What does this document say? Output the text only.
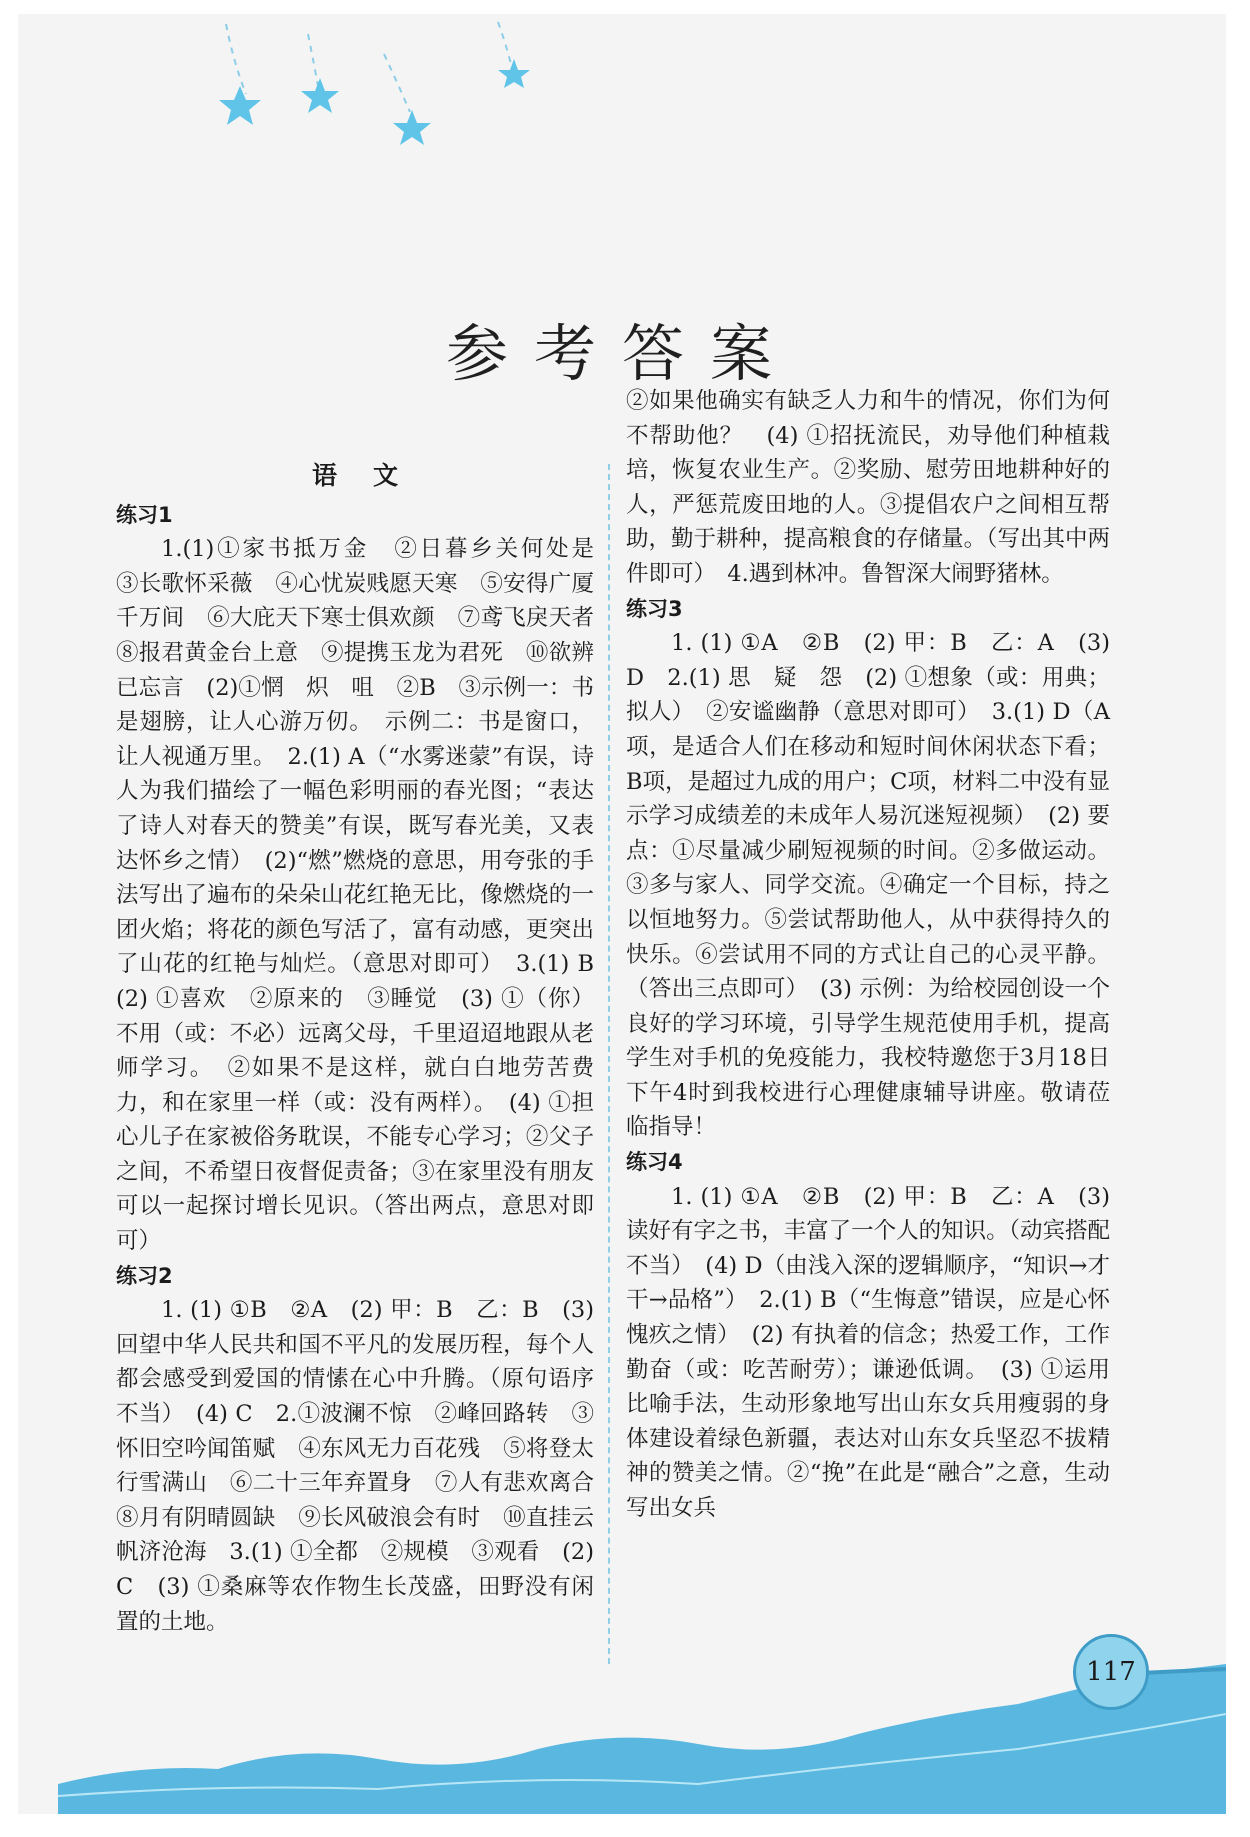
参考答案
语文

练习1

1.(1)①家书抵万金　②日暮乡关何处是　③长歌怀采薇　④心忧炭贱愿天寒　⑤安得广厦千万间　⑥大庇天下寒士俱欢颜　⑦鸢飞戾天者　⑧报君黄金台上意　⑨提携玉龙为君死　⑩欲辨已忘言　(2)①惘　炽　咀　②B　③示例一：书是翅膀，让人心游万仞。　示例二：书是窗口，让人视通万里。　2.(1) A（“水雾迷蒙”有误，诗人为我们描绘了一幅色彩明丽的春光图；“表达了诗人对春天的赞美”有误，既写春光美，又表达怀乡之情）　(2)“燃”燃烧的意思，用夸张的手法写出了遍布的朵朵山花红艳无比，像燃烧的一团火焰；将花的颜色写活了，富有动感，更突出了山花的红艳与灿烂。（意思对即可）　3.(1) B　(2) ①喜欢　②原来的　③睡觉　(3) ①（你）不用（或：不必）远离父母，千里迢迢地跟从老师学习。　②如果不是这样，就白白地劳苦费力，和在家里一样（或：没有两样）。　(4) ①担心儿子在家被俗务耽误，不能专心学习；②父子之间，不希望日夜督促责备；③在家里没有朋友可以一起探讨增长见识。（答出两点，意思对即可）

练习2

1. (1) ①B　②A　(2) 甲：B　乙：B　(3) 回望中华人民共和国不平凡的发展历程，每个人都会感受到爱国的情愫在心中升腾。（原句语序不当）　(4) C　2.①波澜不惊　②峰回路转　③怀旧空吟闻笛赋　④东风无力百花残　⑤将登太行雪满山　⑥二十三年弃置身　⑦人有悲欢离合　⑧月有阴晴圆缺　⑨长风破浪会有时　⑩直挂云帆济沧海　3.(1) ①全都　②规模　③观看　(2) C　(3) ①桑麻等农作物生长茂盛，田野没有闲置的土地。

②如果他确实有缺乏人力和牛的情况，你们为何不帮助他？　(4) ①招抚流民，劝导他们种植栽培，恢复农业生产。②奖励、慰劳田地耕种好的人，严惩荒废田地的人。③提倡农户之间相互帮助，勤于耕种，提高粮食的存储量。（写出其中两件即可）　4.遇到林冲。鲁智深大闹野猪林。

练习3

1. (1) ①A　②B　(2) 甲：B　乙：A　(3) D　2.(1) 思　疑　怨　(2) ①想象（或：用典；拟人）　②安谧幽静（意思对即可）　3.(1) D（A项，是适合人们在移动和短时间休闲状态下看；B项，是超过九成的用户；C项，材料二中没有显示学习成绩差的未成年人易沉迷短视频）　(2) 要点：①尽量减少刷短视频的时间。②多做运动。③多与家人、同学交流。④确定一个目标，持之以恒地努力。⑤尝试帮助他人，从中获得持久的快乐。⑥尝试用不同的方式让自己的心灵平静。（答出三点即可）　(3) 示例：为给校园创设一个良好的学习环境，引导学生规范使用手机，提高学生对手机的免疫能力，我校特邀您于3月18日下午4时到我校进行心理健康辅导讲座。敬请莅临指导！

练习4

1. (1) ①A　②B　(2) 甲：B　乙：A　(3) 读好有字之书，丰富了一个人的知识。（动宾搭配不当）　(4) D（由浅入深的逻辑顺序，“知识→才干→品格”）　2.(1) B（“生悔意”错误，应是心怀愧疚之情）　(2) 有执着的信念；热爱工作，工作勤奋（或：吃苦耐劳）；谦逊低调。　(3) ①运用比喻手法，生动形象地写出山东女兵用瘦弱的身体建设着绿色新疆，表达对山东女兵坚忍不拔精神的赞美之情。②“挽”在此是“融合”之意，生动写出女兵

117
